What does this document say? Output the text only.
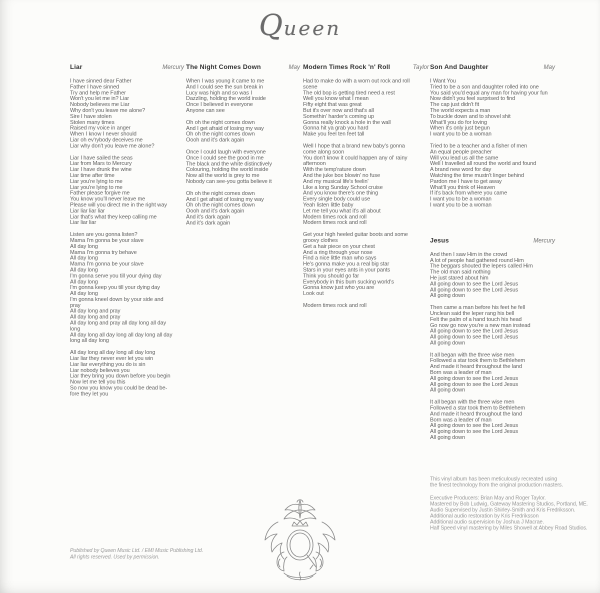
Queen
Liar	Mercury
I have sinned dear Father
Father I have sinned
Try and help me Father
Won't you let me in? Liar
Nobody believes me Liar
Why don't you leave me alone?
Sire I have stolen
Stolen many times
Raised my voice in anger
When I know I never should
Liar oh ev'rybody deceives me
Liar why don't you leave me alone?
Liar I have sailed the seas
Liar from Mars to Mercury
Liar I have drunk the wine
Liar time after time
Liar you're lying to me
Liar you're lying to me
Father please forgive me
You know you'll never leave me
Please will you direct me in the right way
Liar liar liar liar
Liar that's what they keep calling me
Liar liar liar
Listen are you gonna listen?
Mama I'm gonna be your slave
All day long
Mama I'm gonna try behave
All day long
Mama I'm gonna be your slave
All day long
I'm gonna serve you till your dying day
All day long
I'm gonna keep you till your dying day
All day long
I'm gonna kneel down by your side and
pray
All day long and pray
All day long and pray
All day long and pray all day long all day
long
All day long all day long all day long all day
long all day long
All day long all day long all day long
Liar liar they never ever let you win
Liar liar everything you do is sin
Liar nobody believes you
Liar they bring you down before you begin
Now let me tell you this
So now you know you could be dead be-
fore they let you
The Night Comes Down May
When I was young it came to me
And I could see the sun break in
Lucy was high and so was I
Dazzling, holding the world inside
Once I believed in everyone
Anyone can see
Oh oh the night comes down
And I get afraid of losing my way
Oh oh the night comes down
Oooh and it's dark again
Once I could laugh with everyone
Once I could see the good in me
The black and the white distinctively
Colouring, holding the world inside
Now all the world is grey to me
Nobody can see-you gotta believe it
Oh oh the night comes down
And I get afraid of losing my way
Oh oh the night comes down
Oooh and it's dark again
And it's dark again
And it's dark again
Modern Times Rock 'n' Roll Taylor
Had to make do with a worn out rock and roll
scene
The old bop is getting tired need a rest
Well you know what I mean
Fifty eight that was great
But it's over now and that's all
Somethin' harder's coming up
Gonna really knock a hole in the wall
Gonna hit ya grab you hard
Make you feel ten feet tall
Well I hope that a brand new baby's gonna
come along soon
You don't know it could happen any ol' rainy
afternoon
With the temp'rature down
And the juke box blowin' no fuse
And my musical life's feelin'
Like a long Sunday School cruise
And you know there's one thing
Every single body could use
Yeah listen little baby
Let me tell you what it's all about
Modern times rock and roll
Modern times rock and roll
Get your high heeled guitar boots and some
groovy clothes
Get a hair piece on your chest
And a ring through your nose
Find a nice little man who says
He's gonna make you a real big star
Stars in your eyes ants in your pants
Think you should go far
Everybody in this bum sucking world's
Gonna know just who you are
Look out
Modern times rock and roll
Son And Daughter	May
I Want You
Tried to be a son and daughter rolled into one
You said you'd equal any man for having your fun
Now didn't you feel surprised to find
The cap just didn't fit
The world expects a man
To buckle down and to shovel shit
What'll you do for loving
When it's only just begun
I want you to be a woman
Tried to be a teacher and a fisher of men
An equal people preacher
Will you lead us all the same
Well I travelled all round the world and found
A brand new word for day
Watching the time mustn't linger behind
Pardon me I have to get away
What'll you think of Heaven
If it's back from where you came
I want you to be a woman
I want you to be a woman
Jesus	Mercury
And then I saw Him in the crowd
A lot of people had gathered round Him
The beggars shouted the lepers called Him
The old man said nothing
He just stared about him
All going down to see the Lord Jesus
All going down to see the Lord Jesus
All going down
Then came a man before his feet he fell
Unclean said the leper rang his bell
Felt the palm of a hand touch his head
Go now go now you're a new man instead
All going down to see the Lord Jesus
All going down to see the Lord Jesus
All going down
It all began with the three wise men
Followed a star took them to Bethlehem
And made it heard throughout the land
Born was a leader of man
All going down to see the Lord Jesus
All going down to see the Lord Jesus
All going down
It all began with the three wise men
Followed a star took them to Bethlehem
And made it heard throughout the land
Born was a leader of man
All going down to see the Lord Jesus
All going down to see the Lord Jesus
All going down
This vinyl album has been meticulously recreated using
the finest technology from the original production masters.
Executive Producers: Brian May and Roger Taylor.
Mastered by Bob Ludwig, Gateway Mastering Studios, Portland, ME.
Audio Supervised by Justin Shirley-Smith and Kris Fredriksson.
Additional audio restoration by Kris Fredriksson
Additional audio supervision by Joshua J Macrae.
Half Speed vinyl mastering by Miles Showell at Abbey Road Studios.
Published by Queen Music Ltd. / EMI Music Publishing Ltd.
All rights reserved. Used by permission.
